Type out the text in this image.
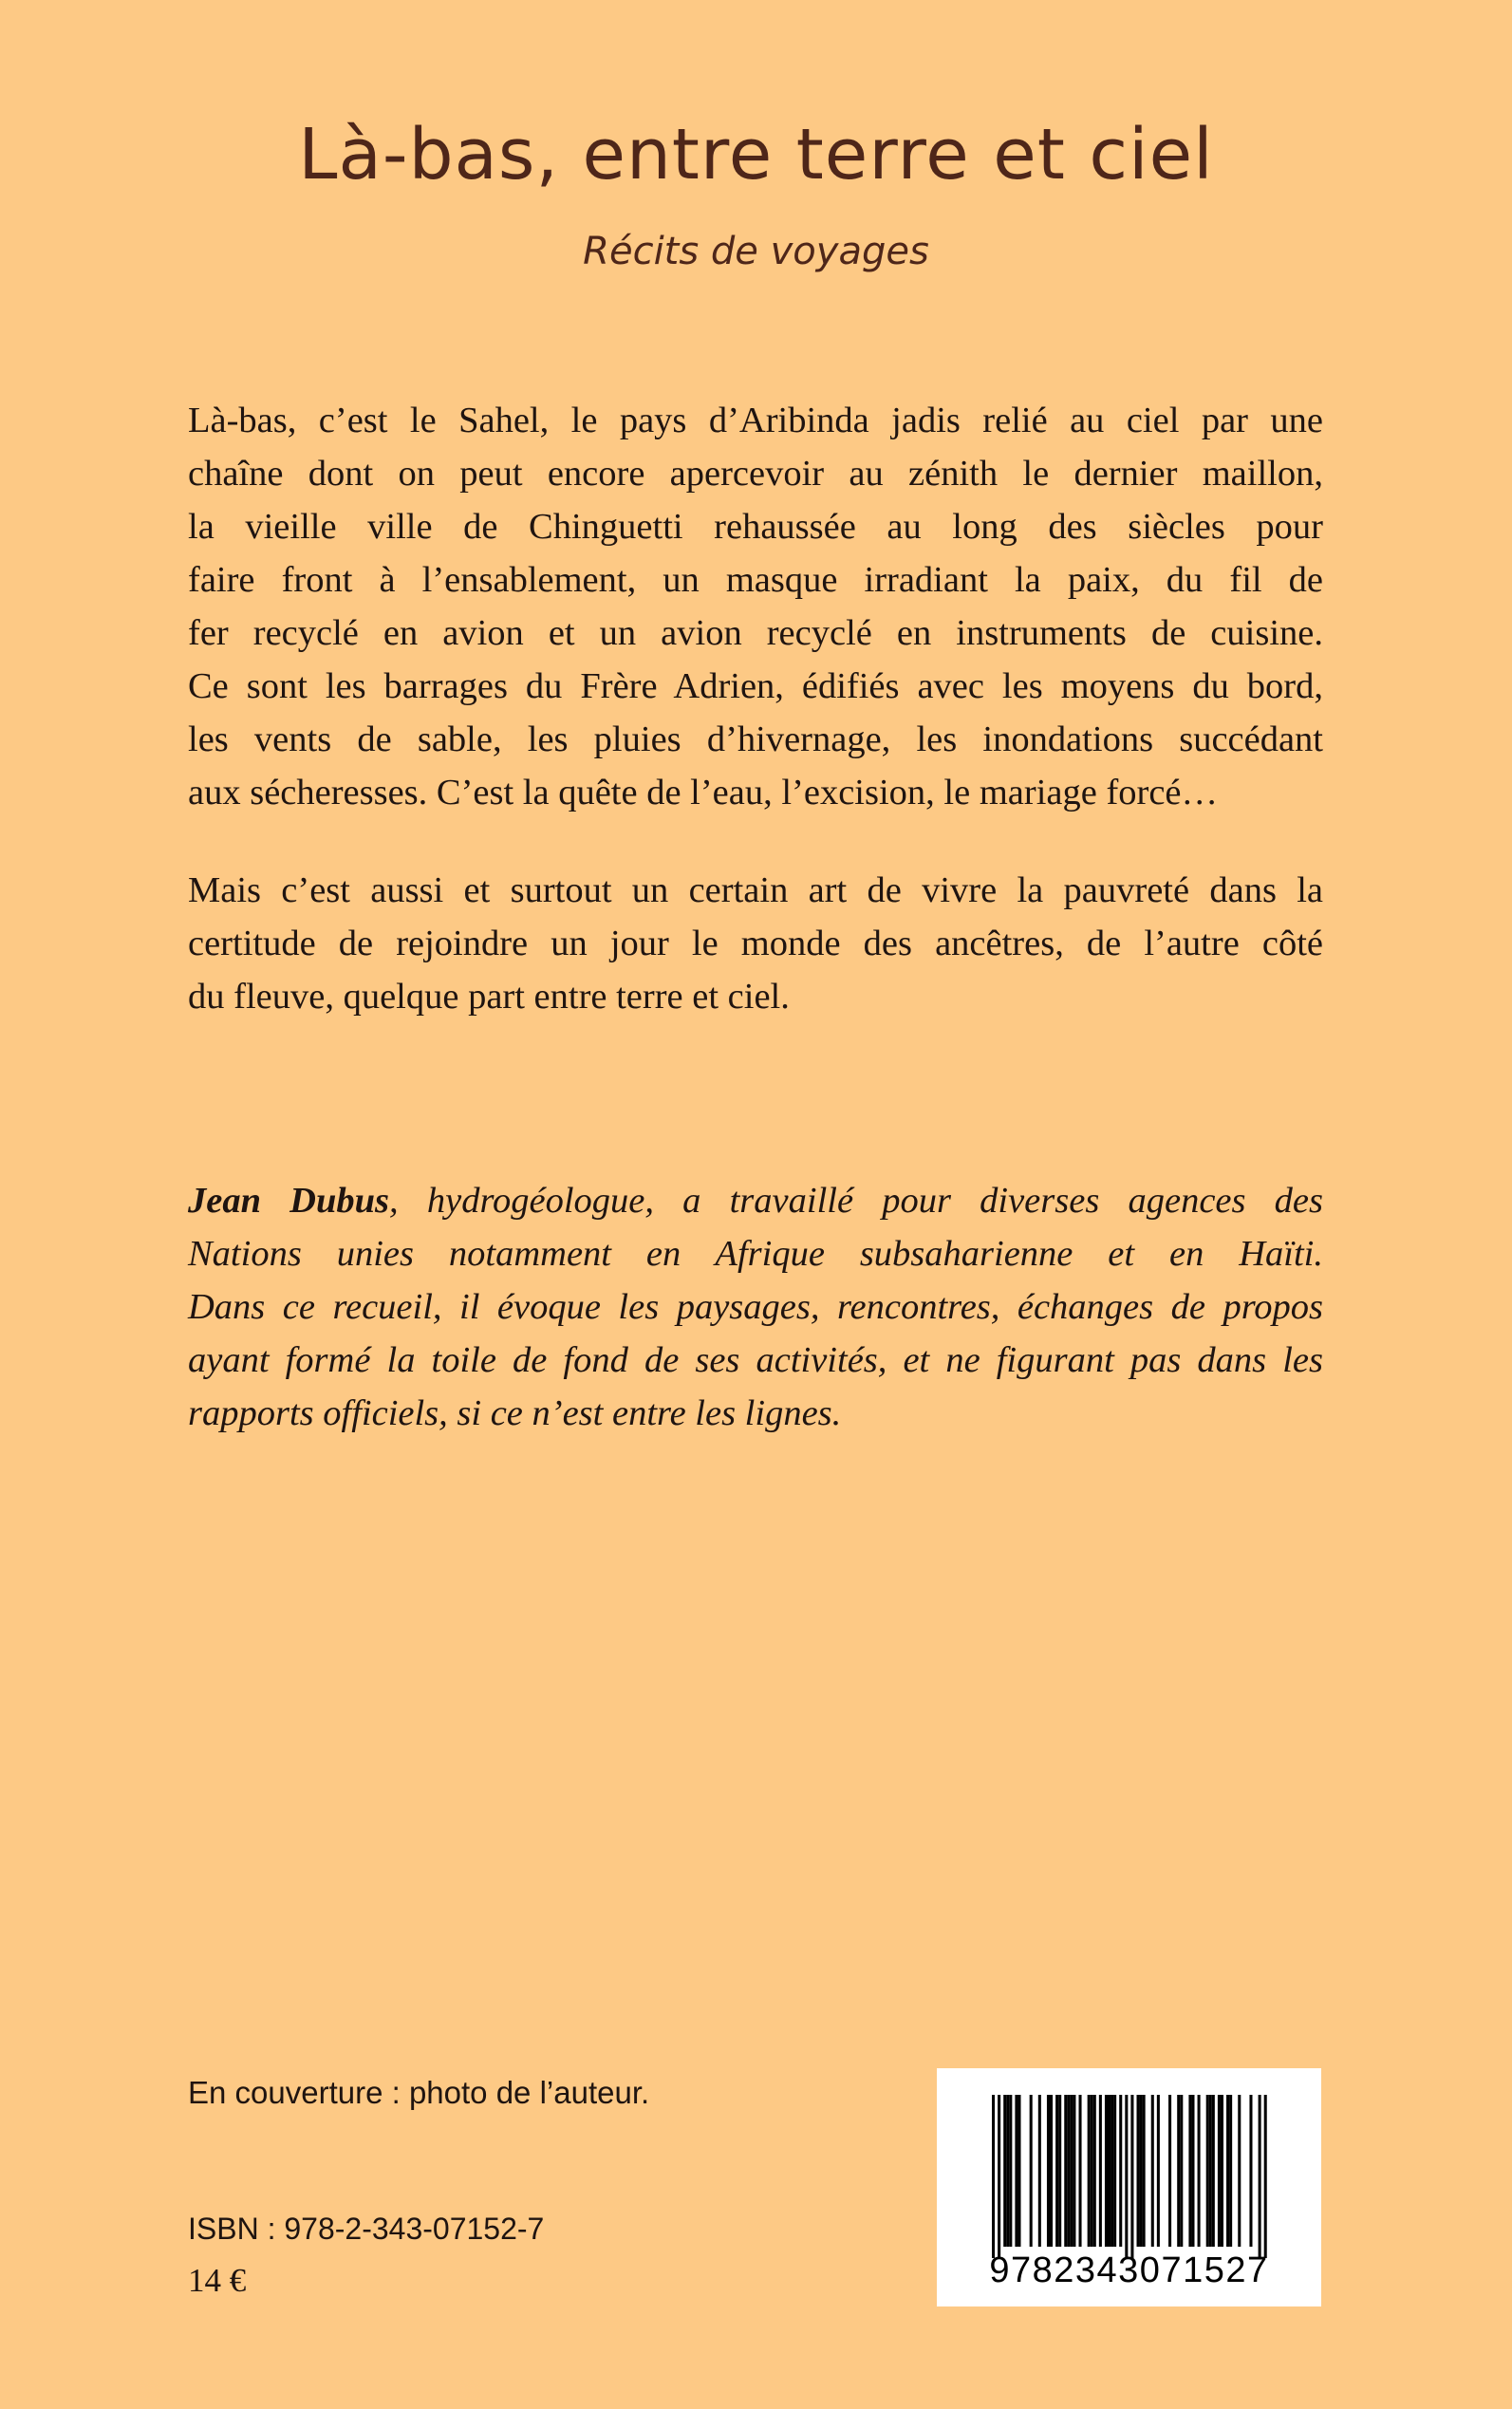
Là-bas, entre terre et ciel
Récits de voyages
Là-bas, c’est le Sahel, le pays d’Aribinda jadis relié au ciel par une
chaîne dont on peut encore apercevoir au zénith le dernier maillon,
la vieille ville de Chinguetti rehaussée au long des siècles pour
faire front à l’ensablement, un masque irradiant la paix, du fil de
fer recyclé en avion et un avion recyclé en instruments de cuisine.
Ce sont les barrages du Frère Adrien, édifiés avec les moyens du bord,
les vents de sable, les pluies d’hivernage, les inondations succédant
aux sécheresses. C’est la quête de l’eau, l’excision, le mariage forcé…
Mais c’est aussi et surtout un certain art de vivre la pauvreté dans la
certitude de rejoindre un jour le monde des ancêtres, de l’autre côté
du fleuve, quelque part entre terre et ciel.
Jean Dubus, hydrogéologue, a travaillé pour diverses agences des
Nations unies notamment en Afrique subsaharienne et en Haïti.
Dans ce recueil, il évoque les paysages, rencontres, échanges de propos
ayant formé la toile de fond de ses activités, et ne figurant pas dans les
rapports officiels, si ce n’est entre les lignes.

En couverture : photo de l’auteur.

ISBN : 978-2-343-07152-7

14 €	9782343071527
